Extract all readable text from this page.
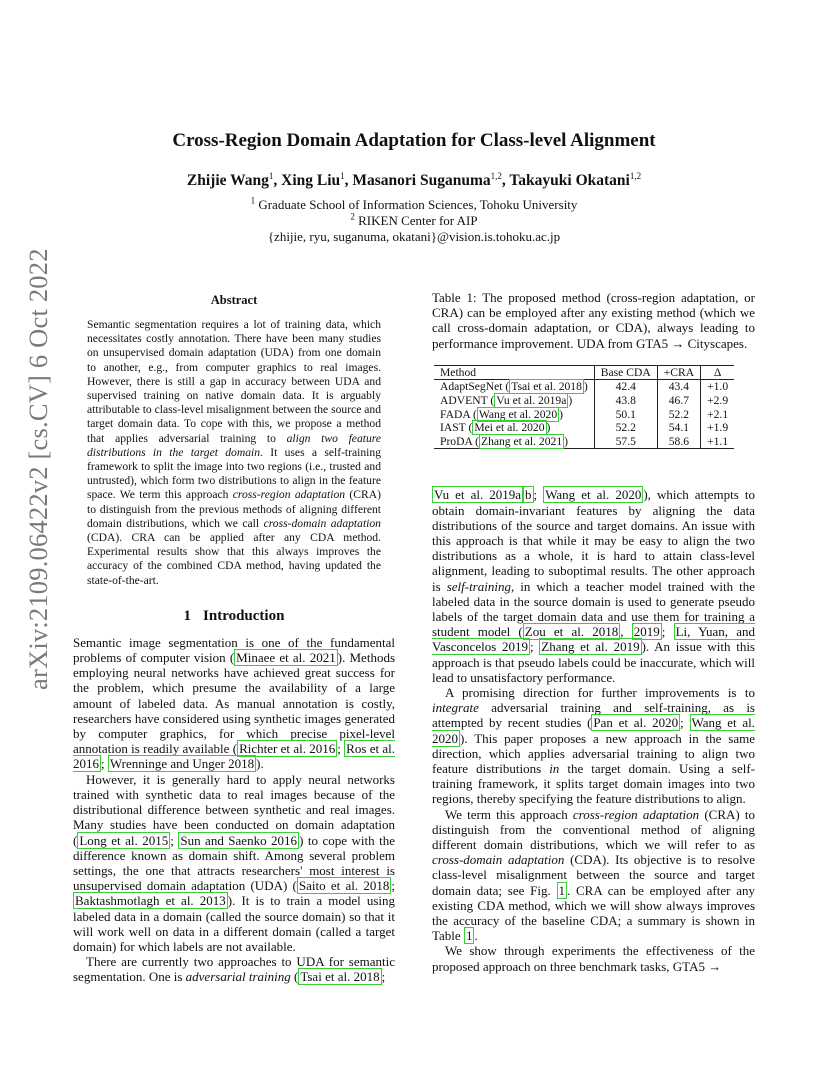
arXiv:2109.06422v2 [cs.CV] 6 Oct 2022
Cross-Region Domain Adaptation for Class-level Alignment
Zhijie Wang$^1$, Xing Liu$^1$, Masanori Suganuma$^{1,2}$, Takayuki Okatani$^{1,2}$
$^1$ Graduate School of Information Sciences, Tohoku University
$^2$ RIKEN Center for AIP
{zhijie, ryu, suganuma, okatani}@vision.is.tohoku.ac.jp
Abstract
Semantic segmentation requires a lot of training data, which necessitates costly annotation. There have been many studies on unsupervised domain adaptation (UDA) from one domain to another, e.g., from computer graphics to real images. However, there is still a gap in accuracy between UDA and supervised training on native domain data. It is arguably attributable to class-level misalignment between the source and target domain data. To cope with this, we propose a method that applies adversarial training to align two feature distributions in the target domain. It uses a self-training framework to split the image into two regions (i.e., trusted and untrusted), which form two distributions to align in the feature space. We term this approach cross-region adaptation (CRA) to distinguish from the previous methods of aligning different domain distributions, which we call cross-domain adaptation (CDA). CRA can be applied after any CDA method. Experimental results show that this always improves the accuracy of the combined CDA method, having updated the state-of-the-art.
1 Introduction

Semantic image segmentation is one of the fundamental problems of computer vision ( Minaee et al. 2021 ). Methods employing neural networks have achieved great success for the problem, which presume the availability of a large amount of labeled data. As manual annotation is costly, researchers have considered using synthetic images generated by computer graphics, for which precise pixel-level annotation is readily available ( Richter et al. 2016 ; Ros et al. 2016 ; Wrenninge and Unger 2018 ).

However, it is generally hard to apply neural networks trained with synthetic data to real images because of the distributional difference between synthetic and real images. Many studies have been conducted on domain adaptation ( Long et al. 2015 ; Sun and Saenko 2016 ) to cope with the difference known as domain shift. Among several problem settings, the one that attracts researchers' most interest is unsupervised domain adaptation (UDA) ( Saito et al. 2018 ; Baktashmotlagh et al. 2013 ). It is to train a model using labeled data in a domain (called the source domain) so that it will work well on data in a different domain (called a target domain) for which labels are not available.

There are currently two approaches to UDA for semantic segmentation. One is adversarial training ( Tsai et al. 2018 ;

Table 1: The proposed method (cross-region adaptation, or CRA) can be employed after any existing method (which we call cross-domain adaptation, or CDA), always leading to performance improvement. UDA from GTA5 → Cityscapes.

Method	Base CDA	+CRA	Δ
AdaptSegNet ( Tsai et al. 2018 )	42.4	43.4	+1.0
ADVENT ( Vu et al. 2019a )	43.8	46.7	+2.9
FADA ( Wang et al. 2020 )	50.1	52.2	+2.1
IAST ( Mei et al. 2020 )	52.2	54.1	+1.9
ProDA ( Zhang et al. 2021 )	57.5	58.6	+1.1

Vu et al. 2019a b ; Wang et al. 2020 ), which attempts to obtain domain-invariant features by aligning the data distributions of the source and target domains. An issue with this approach is that while it may be easy to align the two distributions as a whole, it is hard to attain class-level alignment, leading to suboptimal results. The other approach is self-training, in which a teacher model trained with the labeled data in the source domain is used to generate pseudo labels of the target domain data and use them for training a student model ( Zou et al. 2018 , 2019 ; Li, Yuan, and Vasconcelos 2019 ; Zhang et al. 2019 ). An issue with this approach is that pseudo labels could be inaccurate, which will lead to unsatisfactory performance.

A promising direction for further improvements is to integrate adversarial training and self-training, as is attempted by recent studies ( Pan et al. 2020 ; Wang et al. 2020 ). This paper proposes a new approach in the same direction, which applies adversarial training to align two feature distributions in the target domain. Using a self-training framework, it splits target domain images into two regions, thereby specifying the feature distributions to align.

We term this approach cross-region adaptation (CRA) to distinguish from the conventional method of aligning different domain distributions, which we will refer to as cross-domain adaptation (CDA). Its objective is to resolve class-level misalignment between the source and target domain data; see Fig. 1 . CRA can be employed after any existing CDA method, which we will show always improves the accuracy of the baseline CDA; a summary is shown in Table 1 .

We show through experiments the effectiveness of the proposed approach on three benchmark tasks, GTA5 →
